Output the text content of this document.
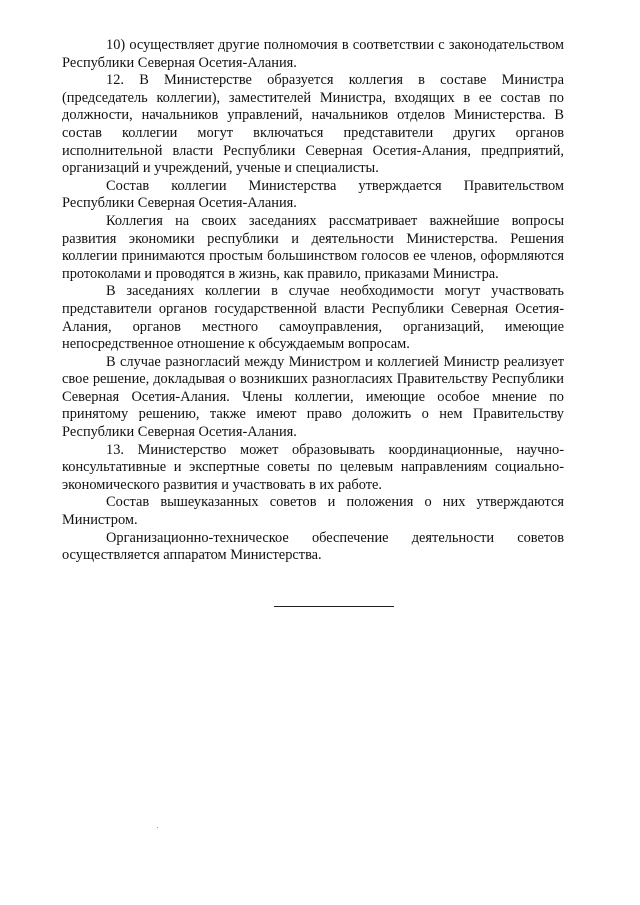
10) осуществляет другие полномочия в соответствии с законодательством Республики Северная Осетия-Алания.

12. В Министерстве образуется коллегия в составе Министра (председатель коллегии), заместителей Министра, входящих в ее состав по должности, начальников управлений, начальников отделов Министерства. В состав коллегии могут включаться представители других органов исполнительной власти Республики Северная Осетия-Алания, предприятий, организаций и учреждений, ученые и специалисты.

Состав коллегии Министерства утверждается Правительством Республики Северная Осетия-Алания.

Коллегия на своих заседаниях рассматривает важнейшие вопросы развития экономики республики и деятельности Министерства. Решения коллегии принимаются простым большинством голосов ее членов, оформляются протоколами и проводятся в жизнь, как правило, приказами Министра.

В заседаниях коллегии в случае необходимости могут участвовать представители органов государственной власти Республики Северная Осетия-Алания, органов местного самоуправления, организаций, имеющие непосредственное отношение к обсуждаемым вопросам.

В случае разногласий между Министром и коллегией Министр реализует свое решение, докладывая о возникших разногласиях Правительству Республики Северная Осетия-Алания. Члены коллегии, имеющие особое мнение по принятому решению, также имеют право доложить о нем Правительству Республики Северная Осетия-Алания.

13. Министерство может образовывать координационные, научно-консультативные и экспертные советы по целевым направлениям социально-экономического развития и участвовать в их работе.

Состав вышеуказанных советов и положения о них утверждаются Министром.

Организационно-техническое обеспечение деятельности советов осуществляется аппаратом Министерства.
